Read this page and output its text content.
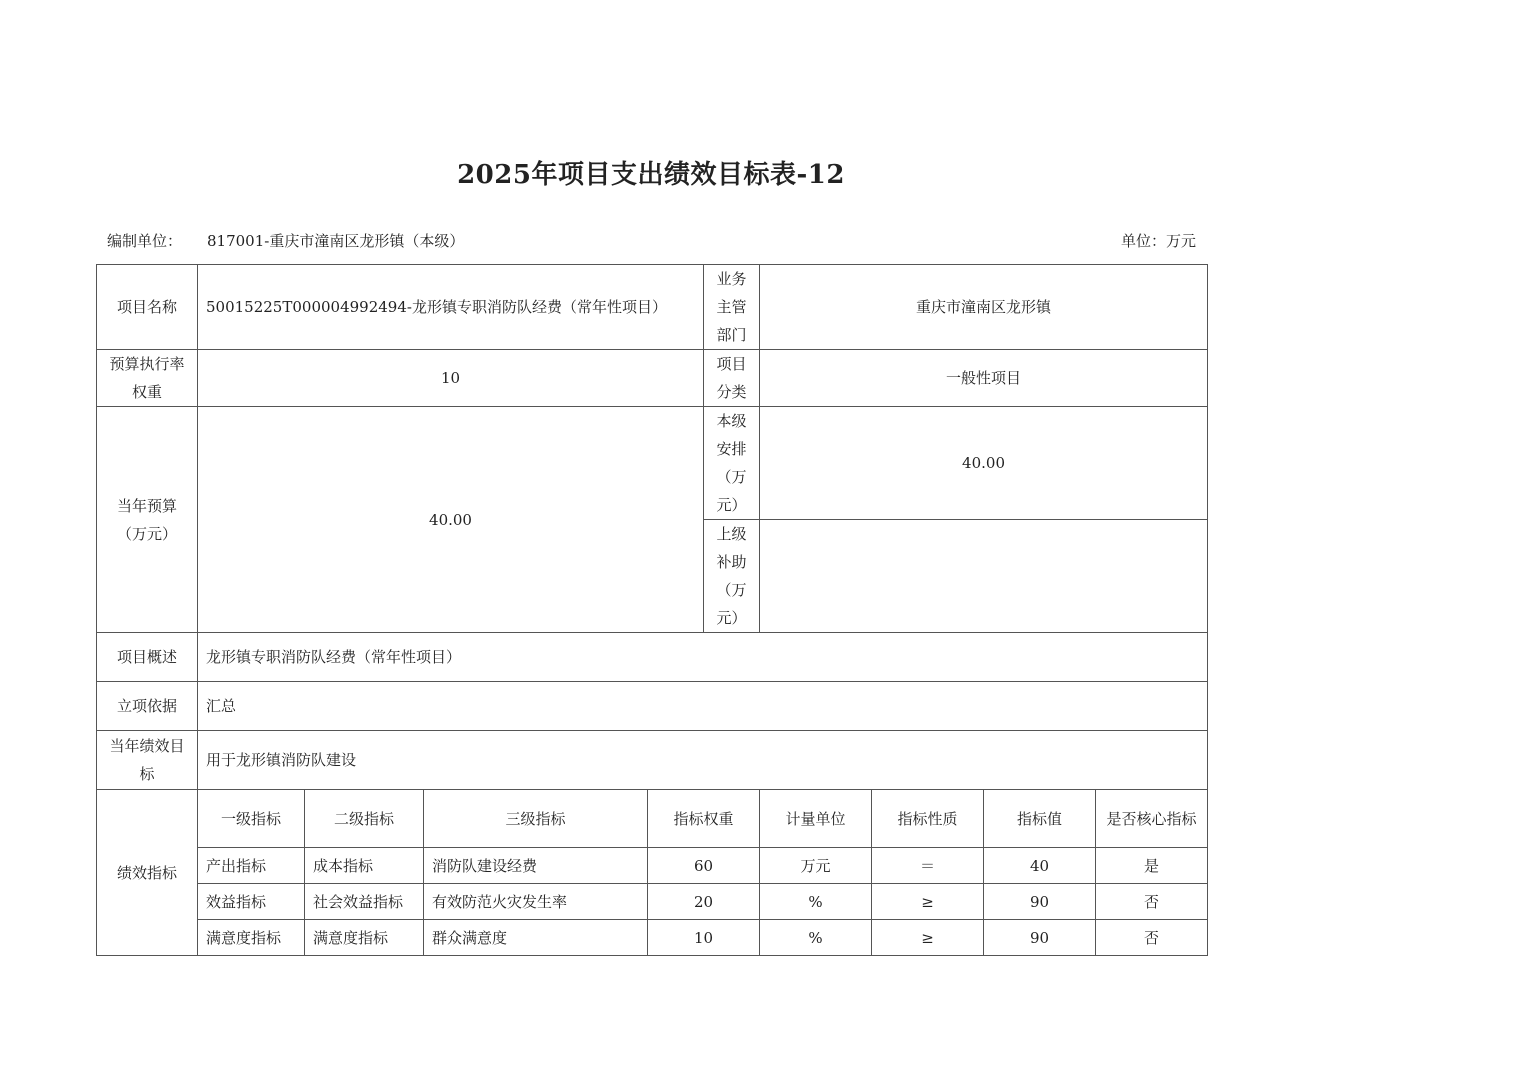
2025年项目支出绩效目标表-12
编制单位： 817001-重庆市潼南区龙形镇（本级）	单位：万元
项目名称	50015225T000004992494-龙形镇专职消防队经费（常年性项目）				业务主管部门	重庆市潼南区龙形镇			
预算执行率权重	10				项目分类	一般性项目			
当年预算（万元）	40.00				本级安排（万元）	40.00			
					上级补助（万元）				
项目概述	龙形镇专职消防队经费（常年性项目）								
立项依据	汇总								
当年绩效目标	用于龙形镇消防队建设								
绩效指标	一级指标	二级指标	三级指标	指标权重		计量单位	指标性质	指标值	是否核心指标
	产出指标	成本指标	消防队建设经费	60		万元	＝	40	是
	效益指标	社会效益指标	有效防范火灾发生率	20		%	≥	90	否
	满意度指标	满意度指标	群众满意度	10		%	≥	90	否
